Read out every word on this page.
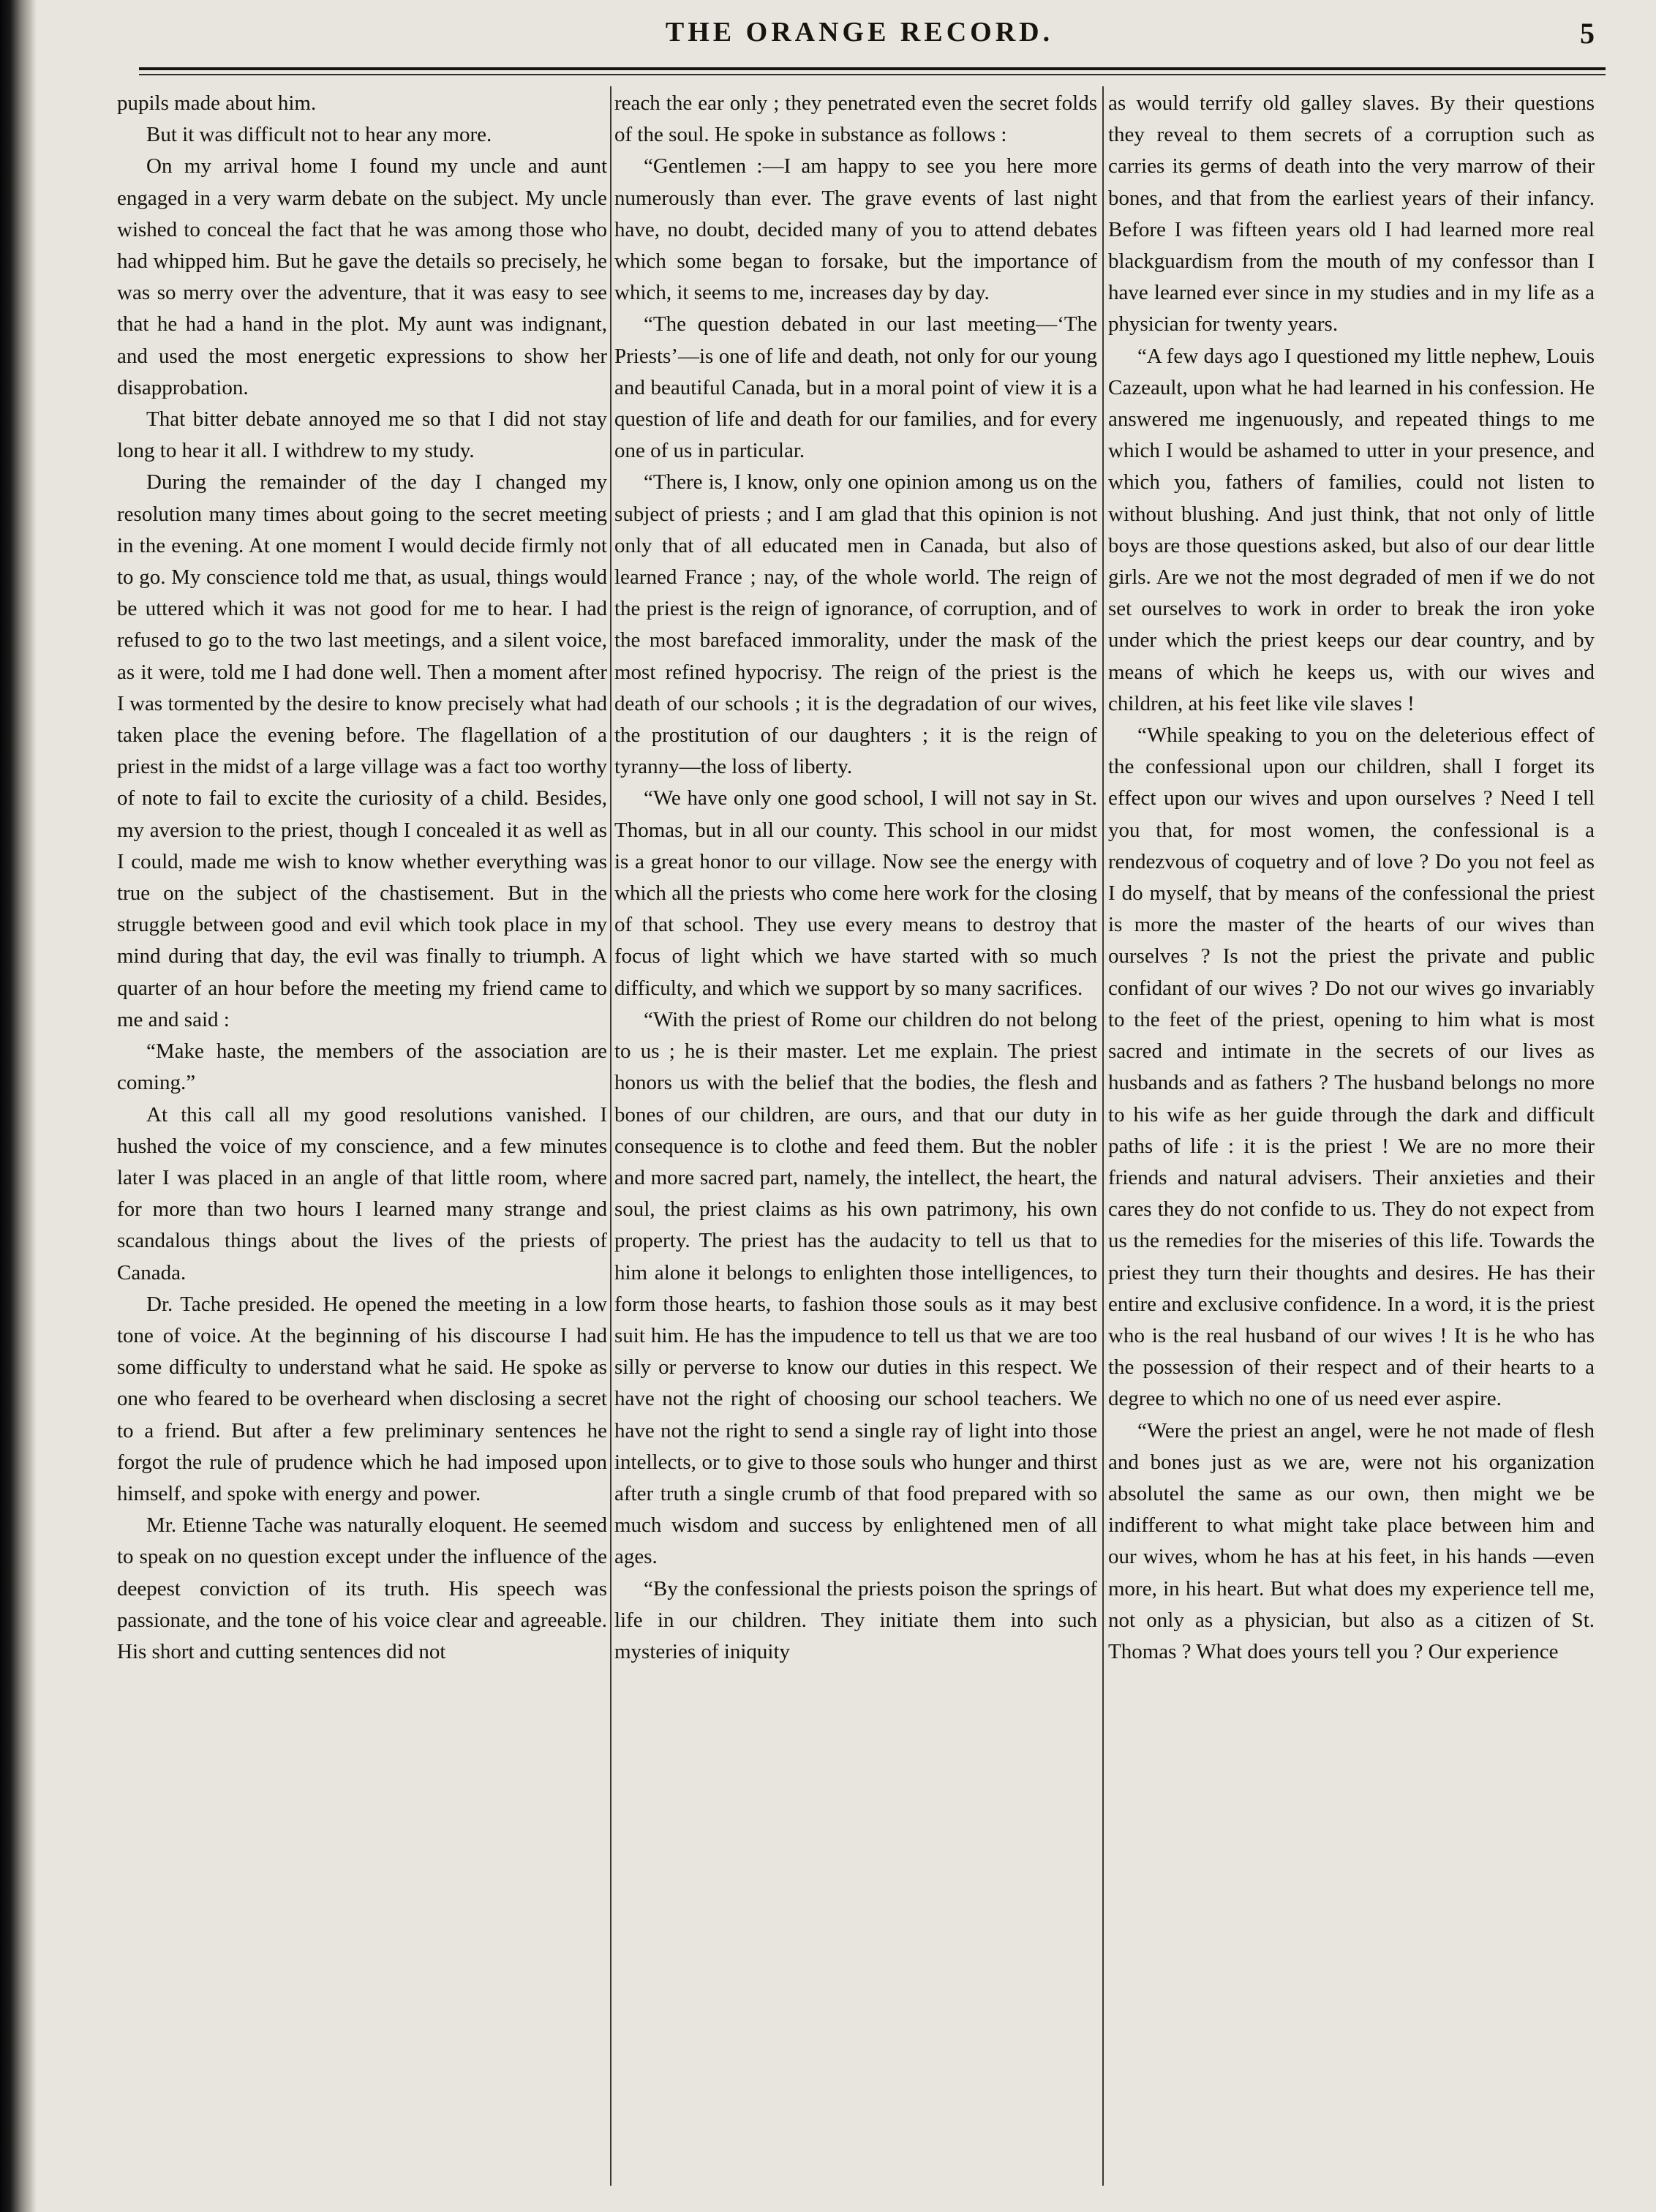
THE ORANGE RECORD.	5

pupils made about him.

But it was difficult not to hear any more.

On my arrival home I found my uncle and aunt engaged in a very warm debate on the subject. My uncle wished to conceal the fact that he was among those who had whipped him. But he gave the details so precisely, he was so merry over the adventure, that it was easy to see that he had a hand in the plot. My aunt was indignant, and used the most energetic expressions to show her disapprobation.

That bitter debate annoyed me so that I did not stay long to hear it all. I withdrew to my study.

During the remainder of the day I changed my resolution many times about going to the secret meeting in the evening. At one moment I would decide firmly not to go. My conscience told me that, as usual, things would be uttered which it was not good for me to hear. I had refused to go to the two last meetings, and a silent voice, as it were, told me I had done well. Then a moment after I was tormented by the desire to know precisely what had taken place the evening before. The flagellation of a priest in the midst of a large village was a fact too worthy of note to fail to excite the curiosity of a child. Besides, my aversion to the priest, though I concealed it as well as I could, made me wish to know whether everything was true on the subject of the chastisement. But in the struggle between good and evil which took place in my mind during that day, the evil was finally to triumph. A quarter of an hour before the meeting my friend came to me and said :

“Make haste, the members of the association are coming.”

At this call all my good resolutions vanished. I hushed the voice of my conscience, and a few minutes later I was placed in an angle of that little room, where for more than two hours I learned many strange and scandalous things about the lives of the priests of Canada.

Dr. Tache presided. He opened the meeting in a low tone of voice. At the beginning of his discourse I had some difficulty to understand what he said. He spoke as one who feared to be overheard when disclosing a secret to a friend. But after a few preliminary sentences he forgot the rule of prudence which he had imposed upon himself, and spoke with energy and power.

Mr. Etienne Tache was naturally eloquent. He seemed to speak on no question except under the influence of the deepest conviction of its truth. His speech was passionate, and the tone of his voice clear and agreeable. His short and cutting sentences did not

reach the ear only ; they penetrated even the secret folds of the soul. He spoke in substance as follows :

“Gentlemen :—I am happy to see you here more numerously than ever. The grave events of last night have, no doubt, decided many of you to attend debates which some began to forsake, but the importance of which, it seems to me, increases day by day.

“The question debated in our last meeting—‘The Priests’—is one of life and death, not only for our young and beautiful Canada, but in a moral point of view it is a question of life and death for our families, and for every one of us in particular.

“There is, I know, only one opinion among us on the subject of priests ; and I am glad that this opinion is not only that of all educated men in Canada, but also of learned France ; nay, of the whole world. The reign of the priest is the reign of ignorance, of corruption, and of the most barefaced immorality, under the mask of the most refined hypocrisy. The reign of the priest is the death of our schools ; it is the degradation of our wives, the prostitution of our daughters ; it is the reign of tyranny—the loss of liberty.

“We have only one good school, I will not say in St. Thomas, but in all our county. This school in our midst is a great honor to our village. Now see the energy with which all the priests who come here work for the closing of that school. They use every means to destroy that focus of light which we have started with so much difficulty, and which we support by so many sacrifices.

“With the priest of Rome our children do not belong to us ; he is their master. Let me explain. The priest honors us with the belief that the bodies, the flesh and bones of our children, are ours, and that our duty in consequence is to clothe and feed them. But the nobler and more sacred part, namely, the intellect, the heart, the soul, the priest claims as his own patrimony, his own property. The priest has the audacity to tell us that to him alone it belongs to enlighten those intelligences, to form those hearts, to fashion those souls as it may best suit him. He has the impudence to tell us that we are too silly or perverse to know our duties in this respect. We have not the right of choosing our school teachers. We have not the right to send a single ray of light into those intellects, or to give to those souls who hunger and thirst after truth a single crumb of that food prepared with so much wisdom and success by enlightened men of all ages.

“By the confessional the priests poison the springs of life in our children. They initiate them into such mysteries of iniquity

as would terrify old galley slaves. By their questions they reveal to them secrets of a corruption such as carries its germs of death into the very marrow of their bones, and that from the earliest years of their infancy. Before I was fifteen years old I had learned more real blackguardism from the mouth of my confessor than I have learned ever since in my studies and in my life as a physician for twenty years.

“A few days ago I questioned my little nephew, Louis Cazeault, upon what he had learned in his confession. He answered me ingenuously, and repeated things to me which I would be ashamed to utter in your presence, and which you, fathers of families, could not listen to without blushing. And just think, that not only of little boys are those questions asked, but also of our dear little girls. Are we not the most degraded of men if we do not set ourselves to work in order to break the iron yoke under which the priest keeps our dear country, and by means of which he keeps us, with our wives and children, at his feet like vile slaves !

“While speaking to you on the deleterious effect of the confessional upon our children, shall I forget its effect upon our wives and upon ourselves ? Need I tell you that, for most women, the confessional is a rendezvous of coquetry and of love ? Do you not feel as I do myself, that by means of the confessional the priest is more the master of the hearts of our wives than ourselves ? Is not the priest the private and public confidant of our wives ? Do not our wives go invariably to the feet of the priest, opening to him what is most sacred and intimate in the secrets of our lives as husbands and as fathers ? The husband belongs no more to his wife as her guide through the dark and difficult paths of life : it is the priest ! We are no more their friends and natural advisers. Their anxieties and their cares they do not confide to us. They do not expect from us the remedies for the miseries of this life. Towards the priest they turn their thoughts and desires. He has their entire and exclusive confidence. In a word, it is the priest who is the real husband of our wives ! It is he who has the possession of their respect and of their hearts to a degree to which no one of us need ever aspire.

“Were the priest an angel, were he not made of flesh and bones just as we are, were not his organization absolutel the same as our own, then might we be indifferent to what might take place between him and our wives, whom he has at his feet, in his hands —even more, in his heart. But what does my experience tell me, not only as a physician, but also as a citizen of St. Thomas ? What does yours tell you ? Our experience
